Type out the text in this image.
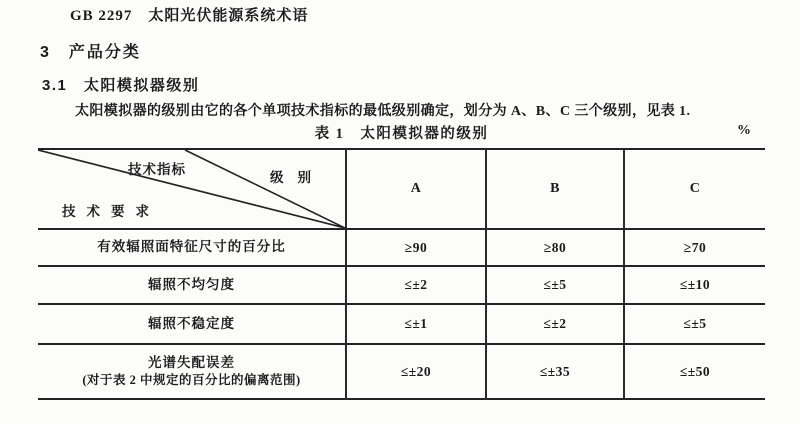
GB 2297　太阳光伏能源系统术语
3　产品分类
3.1　太阳模拟器级别
太阳模拟器的级别由它的各个单项技术指标的最低级别确定，划分为 A、B、C 三个级别，见表 1.
表 1　太阳模拟器的级别	%
技术指标
级别
技术要求
A	B	C
有效辐照面特征尺寸的百分比	≥90	≥80	≥70
辐照不均匀度	≤±2	≤±5	≤±10
辐照不稳定度	≤±1	≤±2	≤±5
光谱失配误差
(对于表 2 中规定的百分比的偏离范围)
≤±20	≤±35	≤±50
